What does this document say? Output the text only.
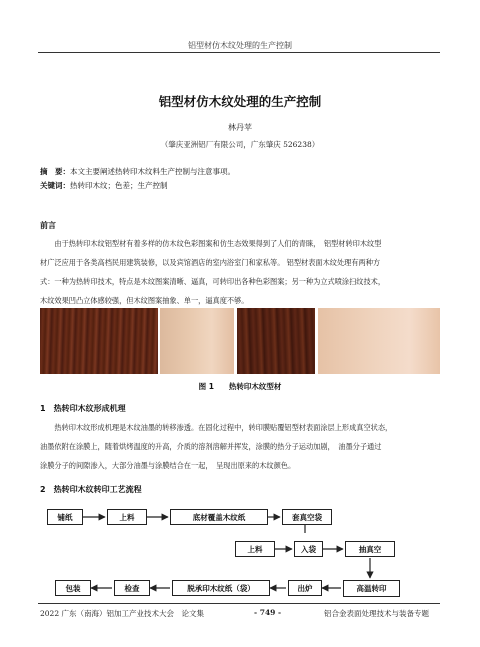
铝型材仿木纹处理的生产控制
铝型材仿木纹处理的生产控制
林丹苹
（肇庆亚洲铝厂有限公司，广东肇庆 526238）
摘　要：本文主要阐述热转印木纹料生产控制与注意事项。
关键词：热转印木纹；色差；生产控制
前言

由于热转印木纹铝型材有着多样的仿木纹色彩图案和仿生态效果得到了人们的青睐，　铝型材转印木纹型

材广泛应用于各类高档民用建筑装修，以及宾馆酒店的室内浴室门和家私等。 铝型材表面木纹处理有两种方
式：一种为热转印技术，特点是木纹图案清晰、逼真，可转印出各种色彩图案；另一种为立式喷涂扫纹技术，
木纹效果凹凸立体感较强，但木纹图案抽象、单一，逼真度不够。
图 1　　热转印木纹型材
1　热转印木纹形成机理

热转印木纹形成机理是木纹油墨的转移渗透。在固化过程中，转印膜贴覆铝型材表面涂层上形成真空状态，

油墨依附在涂膜上，随着烘烤温度的升高，介质的溶剂溶解并挥发，涂膜的热分子运动加剧，　油墨分子通过
涂膜分子的间隙渗入，大部分油墨与涂膜结合在一起，　呈现出原来的木纹颜色。
2　热转印木纹转印工艺流程
铺纸	上料	底材覆盖木纹纸	套真空袋
上料	入袋	抽真空
高温转印
出炉
脱承印木纹纸（袋）
检查
包装
2022 广东（南海）铝加工产业技术大会　论文集	- 749 -	铝合金表面处理技术与装备专题
